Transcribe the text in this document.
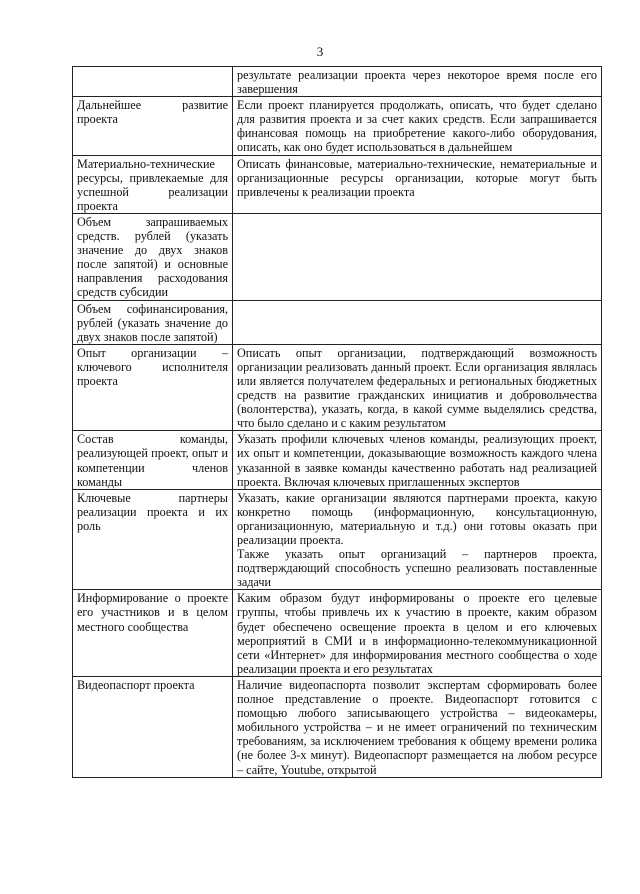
3

	результате реализации проекта через некоторое время после его завершения

Дальнейшее развитие проекта	Если проект планируется продолжать, описать, что будет сделано для развития проекта и за счет каких средств. Если запрашивается финансовая помощь на приобретение какого-либо оборудования, описать, как оно будет использоваться в дальнейшем

Материально-технические ресурсы, привлекаемые для успешной реализации проекта	Описать финансовые, материально-технические, нематериальные и организационные ресурсы организации, которые могут быть привлечены к реализации проекта

Объем запрашиваемых средств. рублей (указать значение до двух знаков после запятой) и основные направления расходования средств субсидии	

Объем софинансирования, рублей (указать значение до двух знаков после запятой)	

Опыт организации – ключевого исполнителя проекта	Описать опыт организации, подтверждающий возможность организации реализовать данный проект. Если организация являлась или является получателем федеральных и региональных бюджетных средств на развитие гражданских инициатив и добровольчества (волонтерства), указать, когда, в какой сумме выделялись средства, что было сделано и с каким результатом

Состав команды, реализующей проект, опыт и компетенции членов команды	Указать профили ключевых членов команды, реализующих проект, их опыт и компетенции, доказывающие возможность каждого члена указанной в заявке команды качественно работать над реализацией проекта. Включая ключевых приглашенных экспертов

Ключевые партнеры реализации проекта и их роль	Указать, какие организации являются партнерами проекта, какую конкретно помощь (информационную, консультационную, организационную, материальную и т.д.) они готовы оказать при реализации проекта.
Также указать опыт организаций – партнеров проекта, подтверждающий способность успешно реализовать поставленные задачи

Информирование о проекте его участников и в целом местного сообщества	Каким образом будут информированы о проекте его целевые группы, чтобы привлечь их к участию в проекте, каким образом будет обеспечено освещение проекта в целом и его ключевых мероприятий в СМИ и в информационно-телекоммуникационной сети «Интернет» для информирования местного сообщества о ходе реализации проекта и его результатах

Видеопаспорт проекта	Наличие видеопаспорта позволит экспертам сформировать более полное представление о проекте. Видеопаспорт готовится с помощью любого записывающего устройства – видеокамеры, мобильного устройства – и не имеет ограничений по техническим требованиям, за исключением требования к общему времени ролика (не более 3-х минут). Видеопаспорт размещается на любом ресурсе – сайте, Youtube, открытой
